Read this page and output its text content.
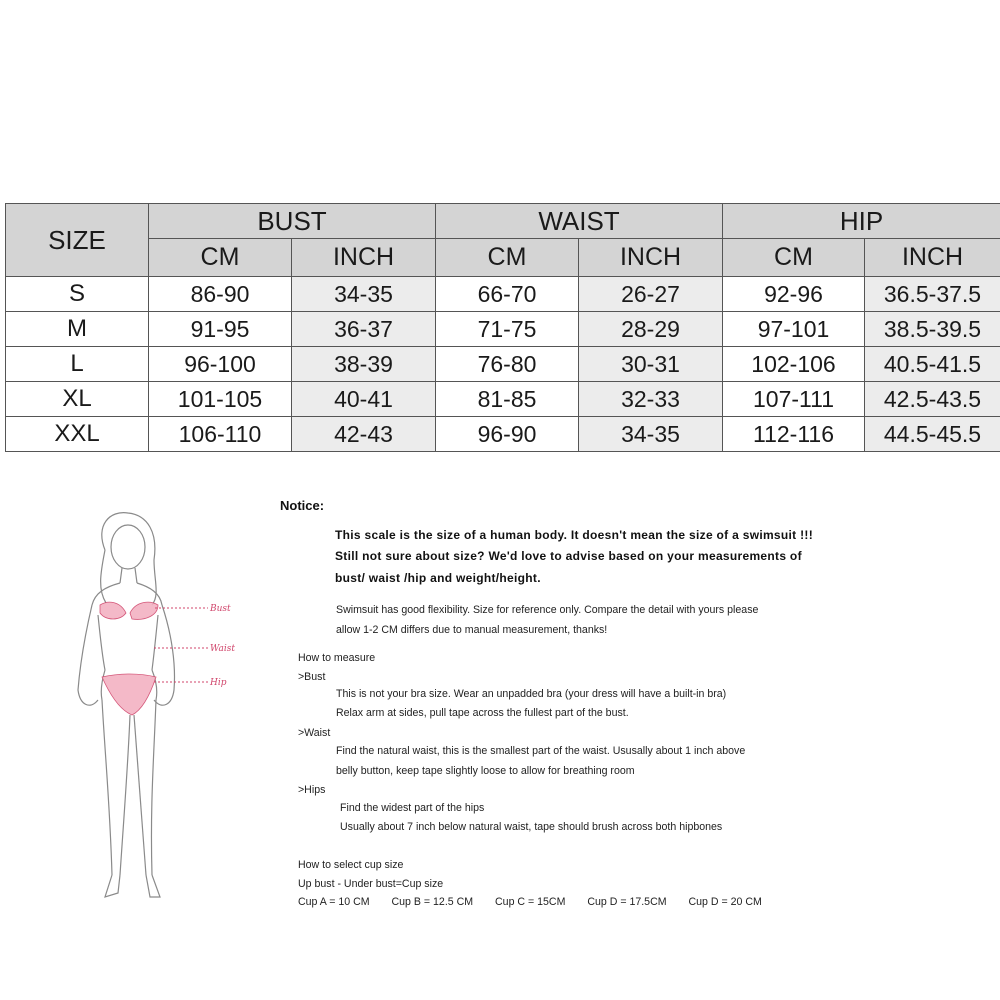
SIZE	BUST		WAIST		HIP	
	CM	INCH	CM	INCH	CM	INCH
S	86-90	34-35	66-70	26-27	92-96	36.5-37.5
M	91-95	36-37	71-75	28-29	97-101	38.5-39.5
L	96-100	38-39	76-80	30-31	102-106	40.5-41.5
XL	101-105	40-41	81-85	32-33	107-111	42.5-43.5
XXL	106-110	42-43	96-90	34-35	112-116	44.5-45.5
Bust
Waist
Hip
Notice:
This scale is the size of a human body. It doesn't mean the size of a swimsuit !!!
Still not sure about size? We'd love to advise based on your measurements of
bust/ waist /hip and weight/height.
Swimsuit has good flexibility. Size for reference only. Compare the detail with yours please
allow 1-2 CM differs due to manual measurement, thanks!
How to measure
>Bust
This is not your bra size. Wear an unpadded bra (your dress will have a built-in bra)
Relax arm at sides, pull tape across the fullest part of the bust.
>Waist
Find the natural waist, this is the smallest part of the waist. Ususally about 1 inch above
belly button, keep tape slightly loose to allow for breathing room
>Hips
Find the widest part of the hips
Usually about 7 inch below natural waist, tape should brush across both hipbones
How to select cup size
Up bust - Under bust=Cup size
Cup A = 10 CM Cup B = 12.5 CM Cup C = 15CM Cup D = 17.5CM Cup D = 20 CM
